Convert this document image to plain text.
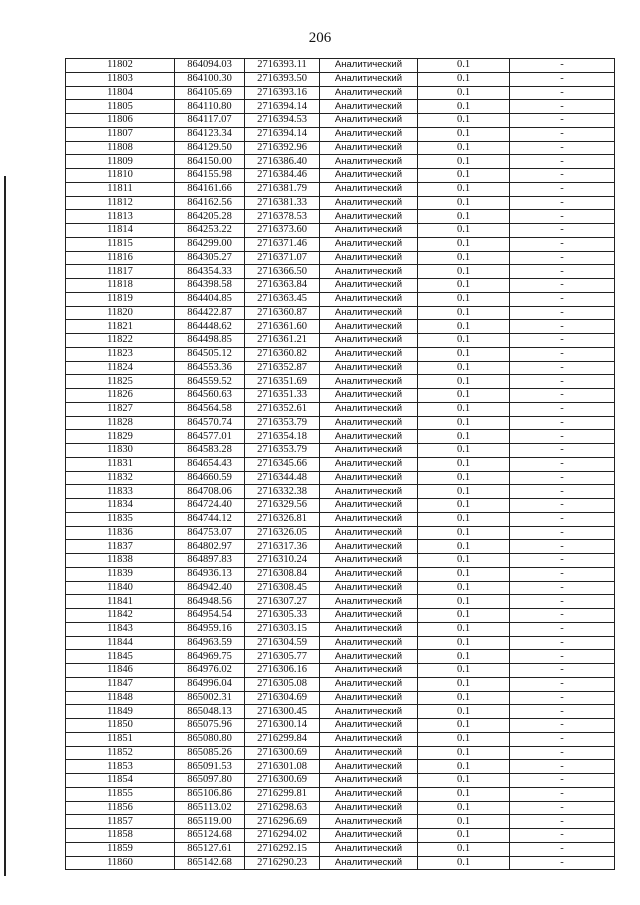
206
11802	864094.03	2716393.11	Аналитический	0.1	-
11803	864100.30	2716393.50	Аналитический	0.1	-
11804	864105.69	2716393.16	Аналитический	0.1	-
11805	864110.80	2716394.14	Аналитический	0.1	-
11806	864117.07	2716394.53	Аналитический	0.1	-
11807	864123.34	2716394.14	Аналитический	0.1	-
11808	864129.50	2716392.96	Аналитический	0.1	-
11809	864150.00	2716386.40	Аналитический	0.1	-
11810	864155.98	2716384.46	Аналитический	0.1	-
11811	864161.66	2716381.79	Аналитический	0.1	-
11812	864162.56	2716381.33	Аналитический	0.1	-
11813	864205.28	2716378.53	Аналитический	0.1	-
11814	864253.22	2716373.60	Аналитический	0.1	-
11815	864299.00	2716371.46	Аналитический	0.1	-
11816	864305.27	2716371.07	Аналитический	0.1	-
11817	864354.33	2716366.50	Аналитический	0.1	-
11818	864398.58	2716363.84	Аналитический	0.1	-
11819	864404.85	2716363.45	Аналитический	0.1	-
11820	864422.87	2716360.87	Аналитический	0.1	-
11821	864448.62	2716361.60	Аналитический	0.1	-
11822	864498.85	2716361.21	Аналитический	0.1	-
11823	864505.12	2716360.82	Аналитический	0.1	-
11824	864553.36	2716352.87	Аналитический	0.1	-
11825	864559.52	2716351.69	Аналитический	0.1	-
11826	864560.63	2716351.33	Аналитический	0.1	-
11827	864564.58	2716352.61	Аналитический	0.1	-
11828	864570.74	2716353.79	Аналитический	0.1	-
11829	864577.01	2716354.18	Аналитический	0.1	-
11830	864583.28	2716353.79	Аналитический	0.1	-
11831	864654.43	2716345.66	Аналитический	0.1	-
11832	864660.59	2716344.48	Аналитический	0.1	-
11833	864708.06	2716332.38	Аналитический	0.1	-
11834	864724.40	2716329.56	Аналитический	0.1	-
11835	864744.12	2716326.81	Аналитический	0.1	-
11836	864753.07	2716326.05	Аналитический	0.1	-
11837	864802.97	2716317.36	Аналитический	0.1	-
11838	864897.83	2716310.24	Аналитический	0.1	-
11839	864936.13	2716308.84	Аналитический	0.1	-
11840	864942.40	2716308.45	Аналитический	0.1	-
11841	864948.56	2716307.27	Аналитический	0.1	-
11842	864954.54	2716305.33	Аналитический	0.1	-
11843	864959.16	2716303.15	Аналитический	0.1	-
11844	864963.59	2716304.59	Аналитический	0.1	-
11845	864969.75	2716305.77	Аналитический	0.1	-
11846	864976.02	2716306.16	Аналитический	0.1	-
11847	864996.04	2716305.08	Аналитический	0.1	-
11848	865002.31	2716304.69	Аналитический	0.1	-
11849	865048.13	2716300.45	Аналитический	0.1	-
11850	865075.96	2716300.14	Аналитический	0.1	-
11851	865080.80	2716299.84	Аналитический	0.1	-
11852	865085.26	2716300.69	Аналитический	0.1	-
11853	865091.53	2716301.08	Аналитический	0.1	-
11854	865097.80	2716300.69	Аналитический	0.1	-
11855	865106.86	2716299.81	Аналитический	0.1	-
11856	865113.02	2716298.63	Аналитический	0.1	-
11857	865119.00	2716296.69	Аналитический	0.1	-
11858	865124.68	2716294.02	Аналитический	0.1	-
11859	865127.61	2716292.15	Аналитический	0.1	-
11860	865142.68	2716290.23	Аналитический	0.1	-
